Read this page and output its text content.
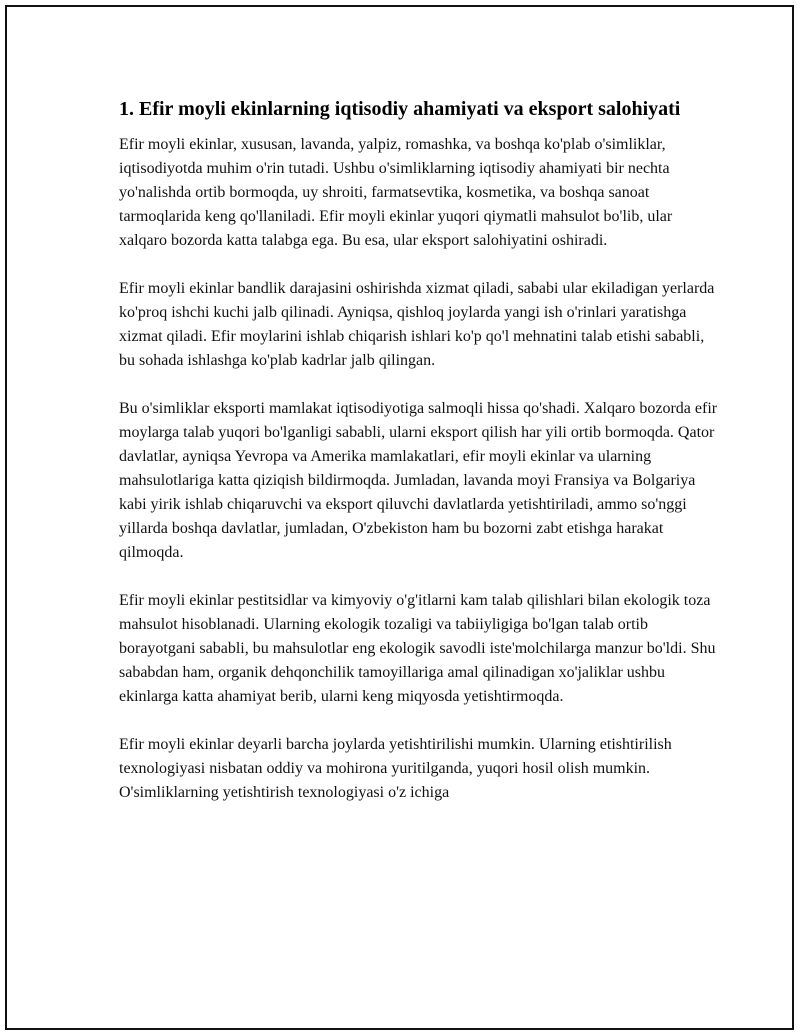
1. Efir moyli ekinlarning iqtisodiy ahamiyati va eksport salohiyati

Efir moyli ekinlar, xususan, lavanda, yalpiz, romashka, va boshqa ko'plab o'simliklar, iqtisodiyotda muhim o'rin tutadi. Ushbu o'simliklarning iqtisodiy ahamiyati bir nechta yo'nalishda ortib bormoqda, uy shroiti, farmatsevtika, kosmetika, va boshqa sanoat tarmoqlarida keng qo'llaniladi. Efir moyli ekinlar yuqori qiymatli mahsulot bo'lib, ular xalqaro bozorda katta talabga ega. Bu esa, ular eksport salohiyatini oshiradi.

Efir moyli ekinlar bandlik darajasini oshirishda xizmat qiladi, sababi ular ekiladigan yerlarda ko'proq ishchi kuchi jalb qilinadi. Ayniqsa, qishloq joylarda yangi ish o'rinlari yaratishga xizmat qiladi. Efir moylarini ishlab chiqarish ishlari ko'p qo'l mehnatini talab etishi sababli, bu sohada ishlashga ko'plab kadrlar jalb qilingan.

Bu o'simliklar eksporti mamlakat iqtisodiyotiga salmoqli hissa qo'shadi. Xalqaro bozorda efir moylarga talab yuqori bo'lganligi sababli, ularni eksport qilish har yili ortib bormoqda. Qator davlatlar, ayniqsa Yevropa va Amerika mamlakatlari, efir moyli ekinlar va ularning mahsulotlariga katta qiziqish bildirmoqda. Jumladan, lavanda moyi Fransiya va Bolgariya kabi yirik ishlab chiqaruvchi va eksport qiluvchi davlatlarda yetishtiriladi, ammo so'nggi yillarda boshqa davlatlar, jumladan, O'zbekiston ham bu bozorni zabt etishga harakat qilmoqda.

Efir moyli ekinlar pestitsidlar va kimyoviy o'g'itlarni kam talab qilishlari bilan ekologik toza mahsulot hisoblanadi. Ularning ekologik tozaligi va tabiiyligiga bo'lgan talab ortib borayotgani sababli, bu mahsulotlar eng ekologik savodli iste'molchilarga manzur bo'ldi. Shu sababdan ham, organik dehqonchilik tamoyillariga amal qilinadigan xo'jaliklar ushbu ekinlarga katta ahamiyat berib, ularni keng miqyosda yetishtirmoqda.

Efir moyli ekinlar deyarli barcha joylarda yetishtirilishi mumkin. Ularning etishtirilish texnologiyasi nisbatan oddiy va mohirona yuritilganda, yuqori hosil olish mumkin. O'simliklarning yetishtirish texnologiyasi o'z ichiga
